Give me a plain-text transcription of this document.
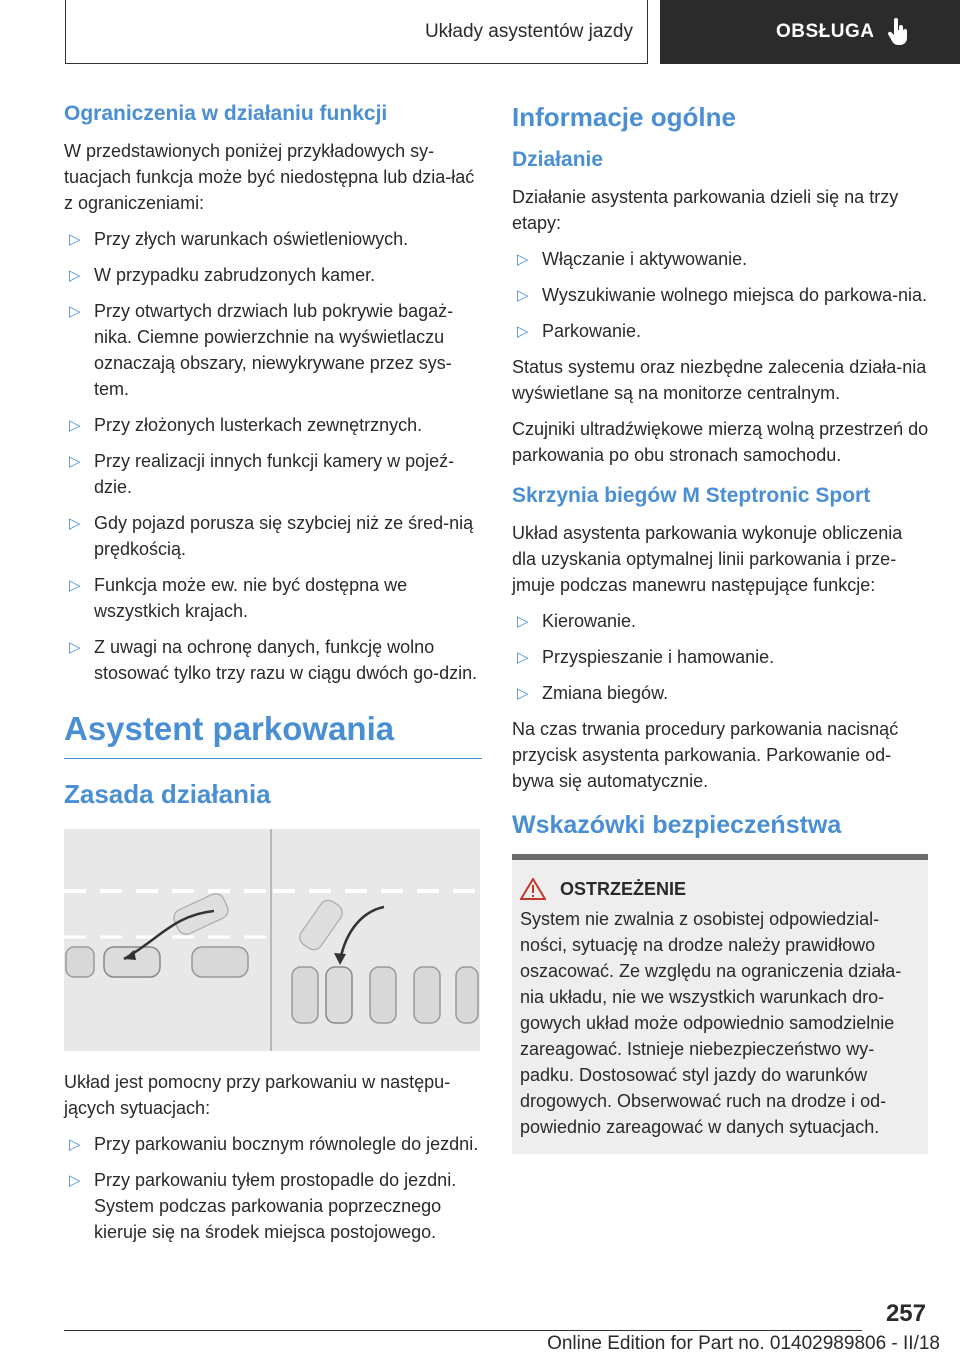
Układy asystentów jazdy	OBSŁUGA
Ograniczenia w działaniu funkcji

W przedstawionych poniżej przykładowych sy-tuacjach funkcja może być niedostępna lub dzia-łać z ograniczeniami:

▷ Przy złych warunkach oświetleniowych.
▷ W przypadku zabrudzonych kamer.
▷ Przy otwartych drzwiach lub pokrywie bagaż-nika. Ciemne powierzchnie na wyświetlaczu oznaczają obszary, niewykrywane przez sys-tem.
▷ Przy złożonych lusterkach zewnętrznych.
▷ Przy realizacji innych funkcji kamery w pojeź-dzie.
▷ Gdy pojazd porusza się szybciej niż ze śred-nią prędkością.
▷ Funkcja może ew. nie być dostępna we wszystkich krajach.
▷ Z uwagi na ochronę danych, funkcję wolno stosować tylko trzy razu w ciągu dwóch go-dzin.
Asystent parkowania
Zasada działania

Układ jest pomocny przy parkowaniu w następu-jących sytuacjach:

▷ Przy parkowaniu bocznym równolegle do jezdni.
▷ Przy parkowaniu tyłem prostopadle do jezdni. System podczas parkowania poprzecznego kieruje się na środek miejsca postojowego.
Informacje ogólne
Działanie

Działanie asystenta parkowania dzieli się na trzy etapy:

▷ Włączanie i aktywowanie.
▷ Wyszukiwanie wolnego miejsca do parkowa-nia.
▷ Parkowanie.

Status systemu oraz niezbędne zalecenia działa-nia wyświetlane są na monitorze centralnym.

Czujniki ultradźwiękowe mierzą wolną przestrzeń do parkowania po obu stronach samochodu.

Skrzynia biegów M Steptronic Sport

Układ asystenta parkowania wykonuje obliczenia dla uzyskania optymalnej linii parkowania i prze-jmuje podczas manewru następujące funkcje:

▷ Kierowanie.
▷ Przyspieszanie i hamowanie.
▷ Zmiana biegów.

Na czas trwania procedury parkowania nacisnąć przycisk asystenta parkowania. Parkowanie od-bywa się automatycznie.

Wskazówki bezpieczeństwa
OSTRZEŻENIE

System nie zwalnia z osobistej odpowiedzial-ności, sytuację na drodze należy prawidłowo oszacować. Ze względu na ograniczenia działa-nia układu, nie we wszystkich warunkach dro-gowych układ może odpowiednio samodzielnie zareagować. Istnieje niebezpieczeństwo wy-padku. Dostosować styl jazdy do warunków drogowych. Obserwować ruch na drodze i od-powiednio zareagować w danych sytuacjach.

257
Online Edition for Part no. 01402989806 - II/18
